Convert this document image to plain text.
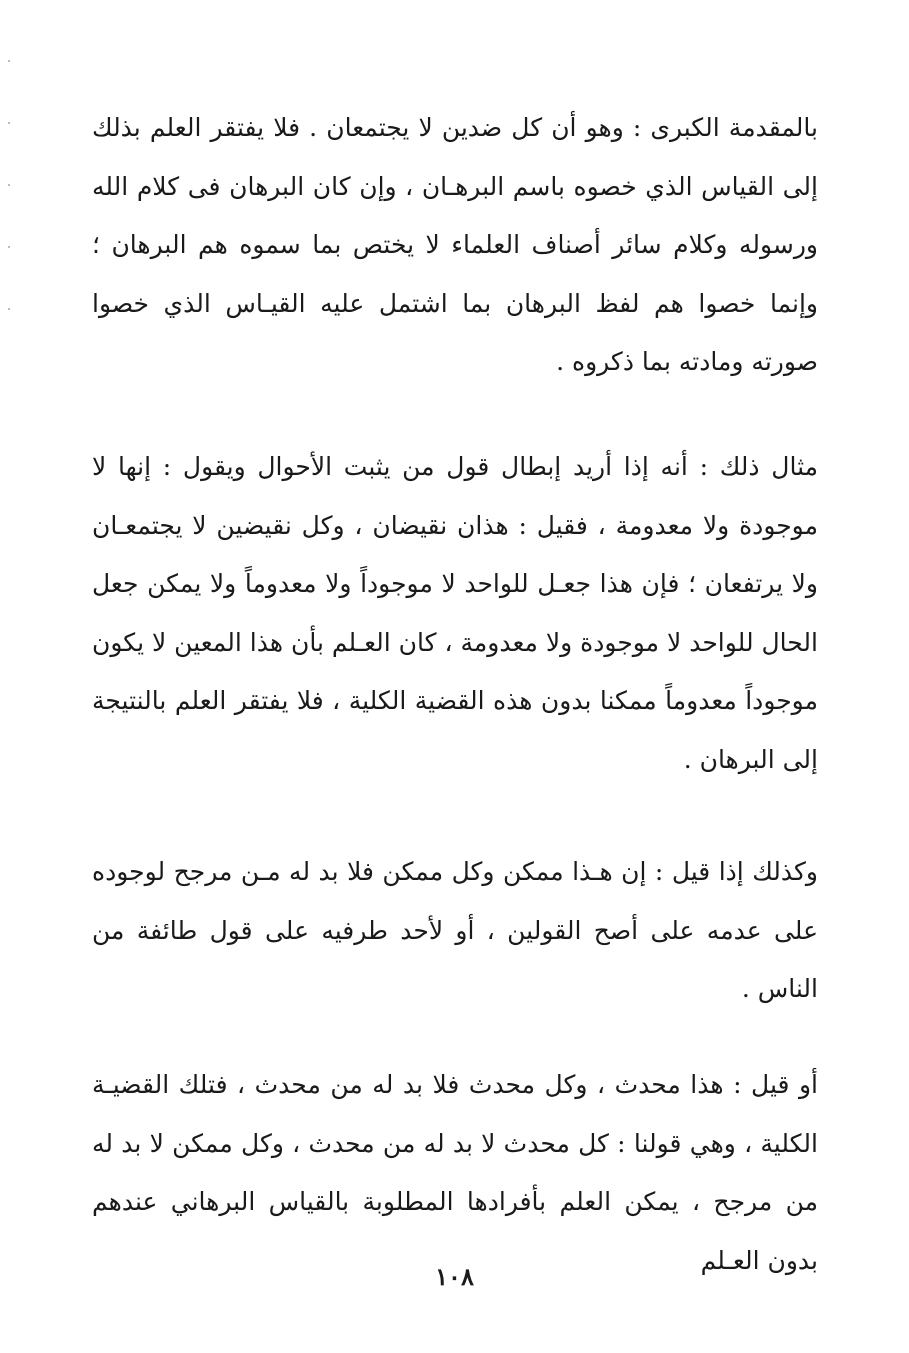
بالمقدمة الكبرى : وهو أن كل ضدين لا يجتمعان . فلا يفتقر العلم بذلك إلى القياس الذي خصوه باسم البرهـان ، وإن كان البرهان فى كلام الله ورسوله وكلام سائر أصناف العلماء لا يختص بما سموه هم البرهان ؛ وإنما خصوا هم لفظ البرهان بما اشتمل عليه القيـاس الذي خصوا صورته ومادته بما ذكروه .

مثال ذلك : أنه إذا أريد إبطال قول من يثبت الأحوال ويقول : إنها لا موجودة ولا معدومة ، فقيل : هذان نقيضان ، وكل نقيضين لا يجتمعـان ولا يرتفعان ؛ فإن هذا جعـل للواحد لا موجوداً ولا معدوماً ولا يمكن جعل الحال للواحد لا موجودة ولا معدومة ، كان العـلم بأن هذا المعين لا يكون موجوداً معدوماً ممكنا بدون هذه القضية الكلية ، فلا يفتقر العلم بالنتيجة إلى البرهان .

وكذلك إذا قيل : إن هـذا ممكن وكل ممكن فلا بد له مـن مرجح لوجوده على عدمه على أصح القولين ، أو لأحد طرفيه على قول طائفة من الناس .

أو قيل : هذا محدث ، وكل محدث فلا بد له من محدث ، فتلك القضيـة الكلية ، وهي قولنا : كل محدث لا بد له من محدث ، وكل ممكن لا بد له من مرجح ، يمكن العلم بأفرادها المطلوبة بالقياس البرهاني عندهم بدون العـلم

١٠٨
